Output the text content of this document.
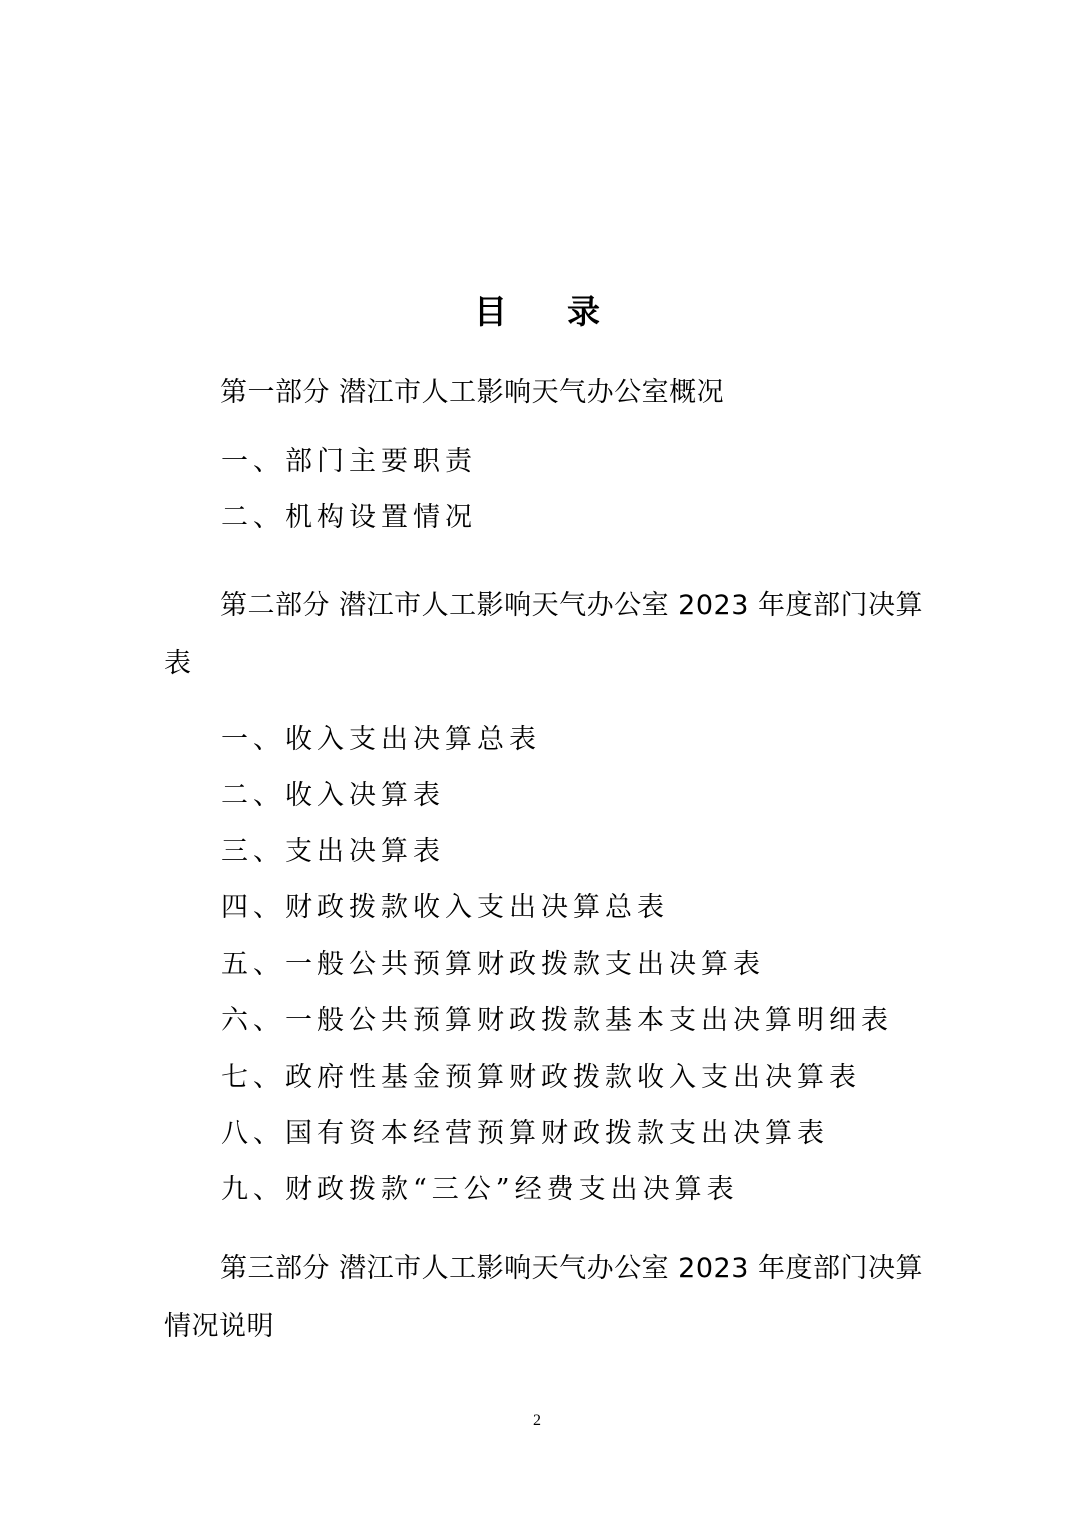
目录
第一部分 潜江市人工影响天气办公室概况
一、部门主要职责
二、机构设置情况
第二部分 潜江市人工影响天气办公室 2023 年度部门决算表
一、收入支出决算总表
二、收入决算表
三、支出决算表
四、财政拨款收入支出决算总表
五、一般公共预算财政拨款支出决算表
六、一般公共预算财政拨款基本支出决算明细表
七、政府性基金预算财政拨款收入支出决算表
八、国有资本经营预算财政拨款支出决算表
九、财政拨款“三公”经费支出决算表
第三部分 潜江市人工影响天气办公室 2023 年度部门决算情况说明
2
